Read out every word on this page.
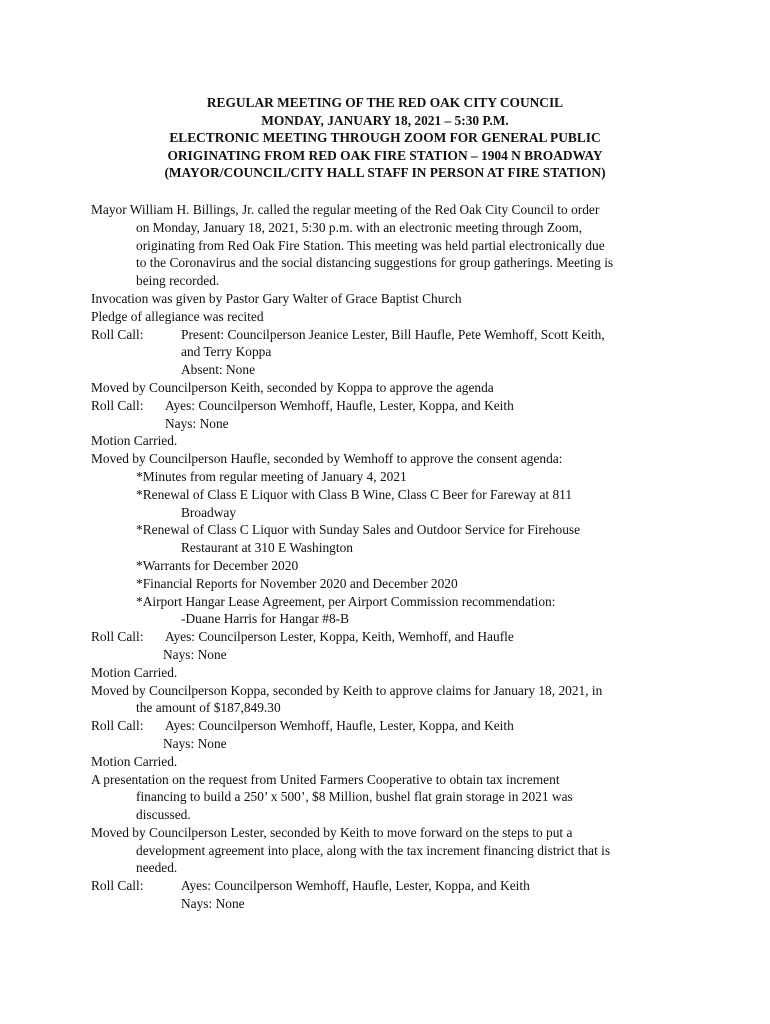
REGULAR MEETING OF THE RED OAK CITY COUNCIL
MONDAY, JANUARY 18, 2021 – 5:30 P.M.
ELECTRONIC MEETING THROUGH ZOOM FOR GENERAL PUBLIC
ORIGINATING FROM RED OAK FIRE STATION – 1904 N BROADWAY
(MAYOR/COUNCIL/CITY HALL STAFF IN PERSON AT FIRE STATION)
Mayor William H. Billings, Jr. called the regular meeting of the Red Oak City Council to order
on Monday, January 18, 2021, 5:30 p.m. with an electronic meeting through Zoom,
originating from Red Oak Fire Station. This meeting was held partial electronically due
to the Coronavirus and the social distancing suggestions for group gatherings. Meeting is
being recorded.
Invocation was given by Pastor Gary Walter of Grace Baptist Church
Pledge of allegiance was recited
Roll Call:	Present: Councilperson Jeanice Lester, Bill Haufle, Pete Wemhoff, Scott Keith,
and Terry Koppa
Absent: None
Moved by Councilperson Keith, seconded by Koppa to approve the agenda
Roll Call: Ayes: Councilperson Wemhoff, Haufle, Lester, Koppa, and Keith
Nays: None
Motion Carried.
Moved by Councilperson Haufle, seconded by Wemhoff to approve the consent agenda:
*Minutes from regular meeting of January 4, 2021
*Renewal of Class E Liquor with Class B Wine, Class C Beer for Fareway at 811
Broadway
*Renewal of Class C Liquor with Sunday Sales and Outdoor Service for Firehouse
Restaurant at 310 E Washington
*Warrants for December 2020
*Financial Reports for November 2020 and December 2020
*Airport Hangar Lease Agreement, per Airport Commission recommendation:
-Duane Harris for Hangar #8-B
Roll Call: Ayes: Councilperson Lester, Koppa, Keith, Wemhoff, and Haufle
Nays: None
Motion Carried.
Moved by Councilperson Koppa, seconded by Keith to approve claims for January 18, 2021, in
the amount of $187,849.30
Roll Call: Ayes: Councilperson Wemhoff, Haufle, Lester, Koppa, and Keith
Nays: None
Motion Carried.
A presentation on the request from United Farmers Cooperative to obtain tax increment
financing to build a 250’ x 500’, $8 Million, bushel flat grain storage in 2021 was
discussed.
Moved by Councilperson Lester, seconded by Keith to move forward on the steps to put a
development agreement into place, along with the tax increment financing district that is
needed.
Roll Call:	Ayes: Councilperson Wemhoff, Haufle, Lester, Koppa, and Keith
Nays: None
